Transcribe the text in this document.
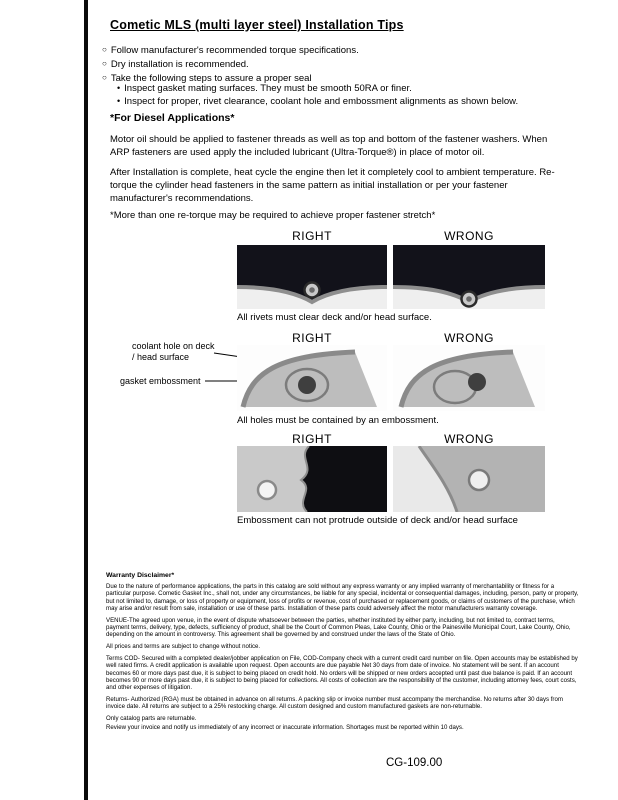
Cometic MLS (multi layer steel) Installation Tips
○ Follow manufacturer's recommended torque specifications.
○ Dry installation is recommended.
○ Take the following steps to assure a proper seal
• Inspect gasket mating surfaces. They must be smooth 50RA or finer.
• Inspect for proper, rivet clearance, coolant hole and embossment alignments as shown below.
*For Diesel Applications*

Motor oil should be applied to fastener threads as well as top and bottom of the fastener washers. When ARP fasteners are used apply the included lubricant (Ultra-Torque®) in place of motor oil.

After Installation is complete, heat cycle the engine then let it completely cool to ambient temperature. Re-torque the cylinder head fasteners in the same pattern as initial installation or per your fastener manufacturer's recommendations.

*More than one re-torque may be required to achieve proper fastener stretch*

RIGHT	WRONG
All rivets must clear deck and/or head surface.
RIGHT	WRONG
coolant hole on deck / head surface
gasket embossment
All holes must be contained by an embossment.
RIGHT	WRONG
Embossment can not protrude outside of deck and/or head surface
Warranty Disclaimer*

Due to the nature of performance applications, the parts in this catalog are sold without any express warranty or any implied warranty of merchantability or fitness for a particular purpose. Cometic Gasket Inc., shall not, under any circumstances, be liable for any special, incidental or consequential damages, including, person, party or property, but not limited to, damage, or loss of property or equipment, loss of profits or revenue, cost of purchased or replacement goods, or claims of customers of the purchase, which may arise and/or result from sale, installation or use of these parts. Installation of these parts could adversely affect the motor manufacturers warranty coverage.

VENUE-The agreed upon venue, in the event of dispute whatsoever between the parties, whether instituted by either party, including, but not limited to, contract terms, payment terms, delivery, type, defects, sufficiency of product, shall be the Court of Common Pleas, Lake County, Ohio or the Painesville Municipal Court, Lake County, Ohio, depending on the amount in controversy. This agreement shall be governed by and construed under the laws of the State of Ohio.

All prices and terms are subject to change without notice.

Terms COD- Secured with a completed dealer/jobber application on File, COD-Company check with a current credit card number on file. Open accounts may be established by well rated firms. A credit application is available upon request. Open accounts are due payable Net 30 days from date of invoice. No statement will be sent. If an account becomes 60 or more days past due, it is subject to being placed on credit hold. No orders will be shipped or new orders accepted until past due balance is paid. If an account becomes 90 or more days past due, it is subject to being placed for collections. All costs of collection are the responsibility of the customer, including attorney fees, court costs, and other expenses of litigation.

Returns- Authorized (RGA) must be obtained in advance on all returns. A packing slip or invoice number must accompany the merchandise. No returns after 30 days from invoice date. All returns are subject to a 25% restocking charge. All custom designed and custom manufactured gaskets are non-returnable.

Only catalog parts are returnable.

Review your invoice and notify us immediately of any incorrect or inaccurate information. Shortages must be reported within 10 days.

CG-109.00
